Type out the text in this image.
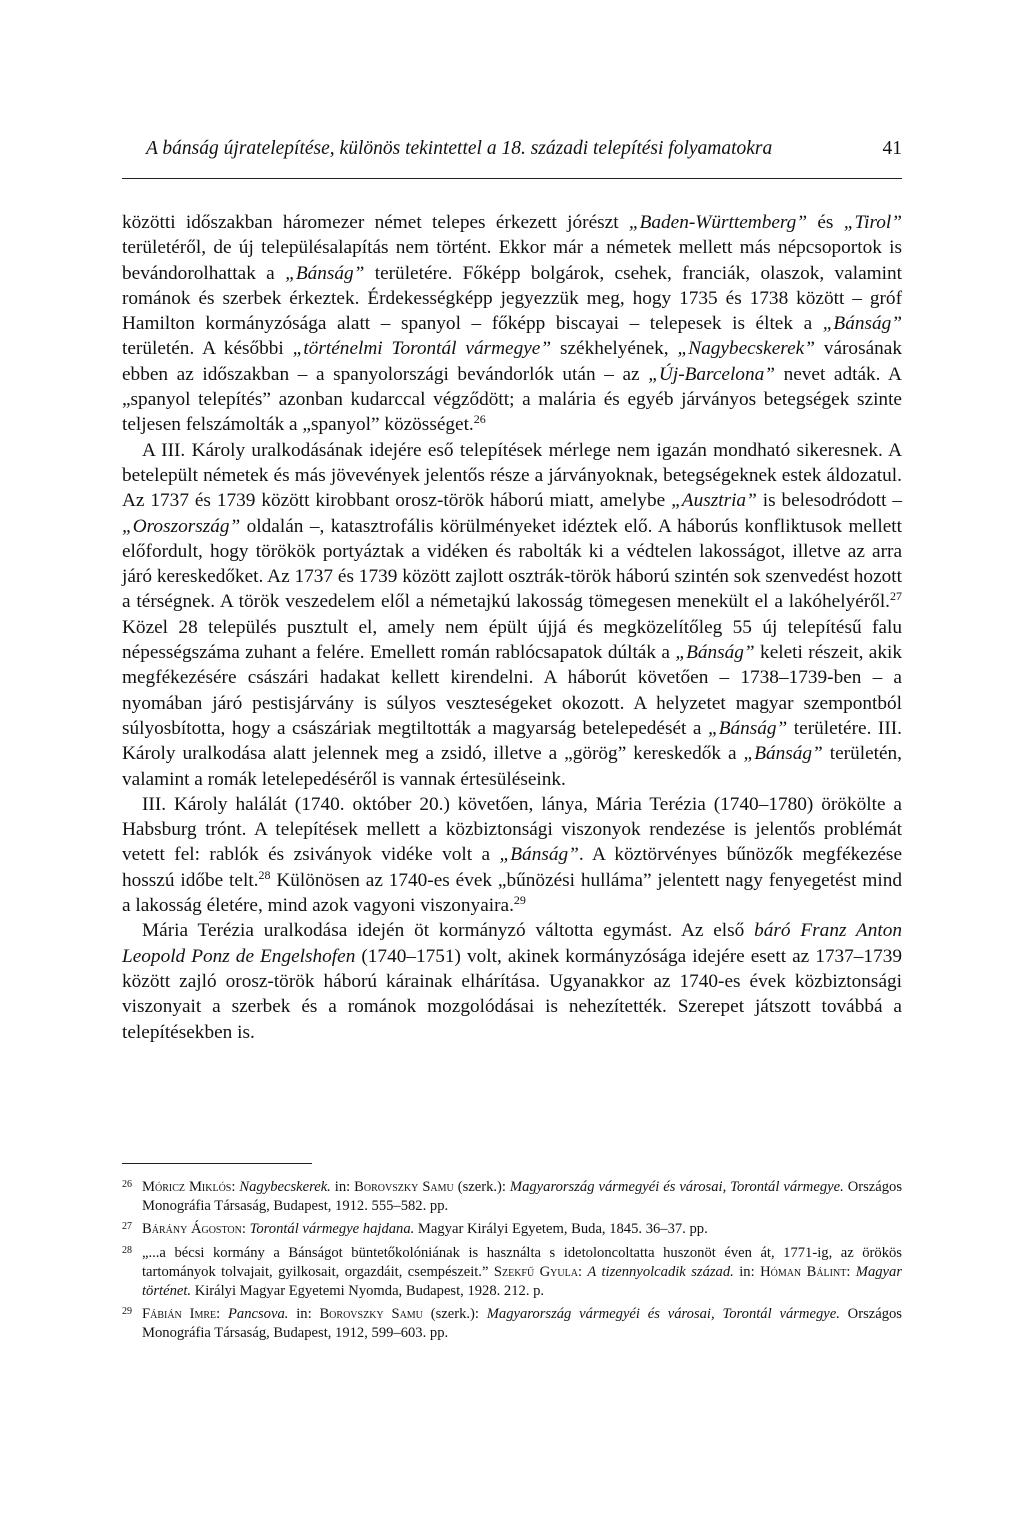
A bánság újratelepítése, különös tekintettel a 18. századi telepítési folyamatokra	41

közötti időszakban háromezer német telepes érkezett jórészt „Baden-Württemberg” és „Tirol” területéről, de új településalapítás nem történt. Ekkor már a németek mellett más népcsoportok is bevándorolhattak a „Bánság” területére. Főképp bolgárok, csehek, franciák, olaszok, valamint románok és szerbek érkeztek. Érdekességképp jegyezzük meg, hogy 1735 és 1738 között – gróf Hamilton kormányzósága alatt – spanyol – főképp biscayai – telepesek is éltek a „Bánság” területén. A későbbi „történelmi Torontál vármegye” székhelyének, „Nagybecskerek” városának ebben az időszakban – a spanyolországi bevándorlók után – az „Új-Barcelona” nevet adták. A „spanyol telepítés” azonban kudarccal végződött; a malária és egyéb járványos betegségek szinte teljesen felszámolták a „spanyol” közösséget.$^{26}$

A III. Károly uralkodásának idejére eső telepítések mérlege nem igazán mondható sikeresnek. A betelepült németek és más jövevények jelentős része a járványoknak, betegségeknek estek áldozatul. Az 1737 és 1739 között kirobbant orosz-török háború miatt, amelybe „Ausztria” is belesodródott – „Oroszország” oldalán –, katasztrofális körülményeket idéztek elő. A háborús konfliktusok mellett előfordult, hogy törökök portyáztak a vidéken és rabolták ki a védtelen lakosságot, illetve az arra járó kereskedőket. Az 1737 és 1739 között zajlott osztrák-török háború szintén sok szenvedést hozott a térségnek. A török veszedelem elől a németajkú lakosság tömegesen menekült el a lakóhelyéről.$^{27}$ Közel 28 település pusztult el, amely nem épült újjá és megközelítőleg 55 új telepítésű falu népességszáma zuhant a felére. Emellett román rablócsapatok dúlták a „Bánság” keleti részeit, akik megfékezésére császári hadakat kellett kirendelni. A háborút követően – 1738–1739-ben – a nyomában járó pestisjárvány is súlyos veszteségeket okozott. A helyzetet magyar szempontból súlyosbította, hogy a császáriak megtiltották a magyarság betelepedését a „Bánság” területére. III. Károly uralkodása alatt jelennek meg a zsidó, illetve a „görög” kereskedők a „Bánság” területén, valamint a romák letelepedéséről is vannak értesüléseink.

III. Károly halálát (1740. október 20.) követően, lánya, Mária Terézia (1740–1780) örökölte a Habsburg trónt. A telepítések mellett a közbiztonsági viszonyok rendezése is jelentős problémát vetett fel: rablók és zsiványok vidéke volt a „Bánság”. A köztörvényes bűnözők megfékezése hosszú időbe telt.$^{28}$ Különösen az 1740-es évek „bűnözési hulláma” jelentett nagy fenyegetést mind a lakosság életére, mind azok vagyoni viszonyaira.$^{29}$

Mária Terézia uralkodása idején öt kormányzó váltotta egymást. Az első báró Franz Anton Leopold Ponz de Engelshofen (1740–1751) volt, akinek kormányzósága idejére esett az 1737–1739 között zajló orosz-török háború kárainak elhárítása. Ugyanakkor az 1740-es évek közbiztonsági viszonyait a szerbek és a románok mozgolódásai is nehezítették. Szerepet játszott továbbá a telepítésekben is.

26 Móricz Miklós: Nagybecskerek. in: Borovszky Samu (szerk.): Magyarország vármegyéi és városai, Torontál vármegye. Országos Monográfia Társaság, Budapest, 1912. 555–582. pp.
27 Bárány Ágoston: Torontál vármegye hajdana. Magyar Királyi Egyetem, Buda, 1845. 36–37. pp.
28 „...a bécsi kormány a Bánságot büntetőkolóniának is használta s idetoloncoltatta huszonöt éven át, 1771-ig, az örökös tartományok tolvajait, gyilkosait, orgazdáit, csempészeit.” Szekfű Gyula: A tizennyolcadik század. in: Hóman Bálint: Magyar történet. Királyi Magyar Egyetemi Nyomda, Budapest, 1928. 212. p.
29 Fábián Imre: Pancsova. in: Borovszky Samu (szerk.): Magyarország vármegyéi és városai, Torontál vármegye. Országos Monográfia Társaság, Budapest, 1912, 599–603. pp.
